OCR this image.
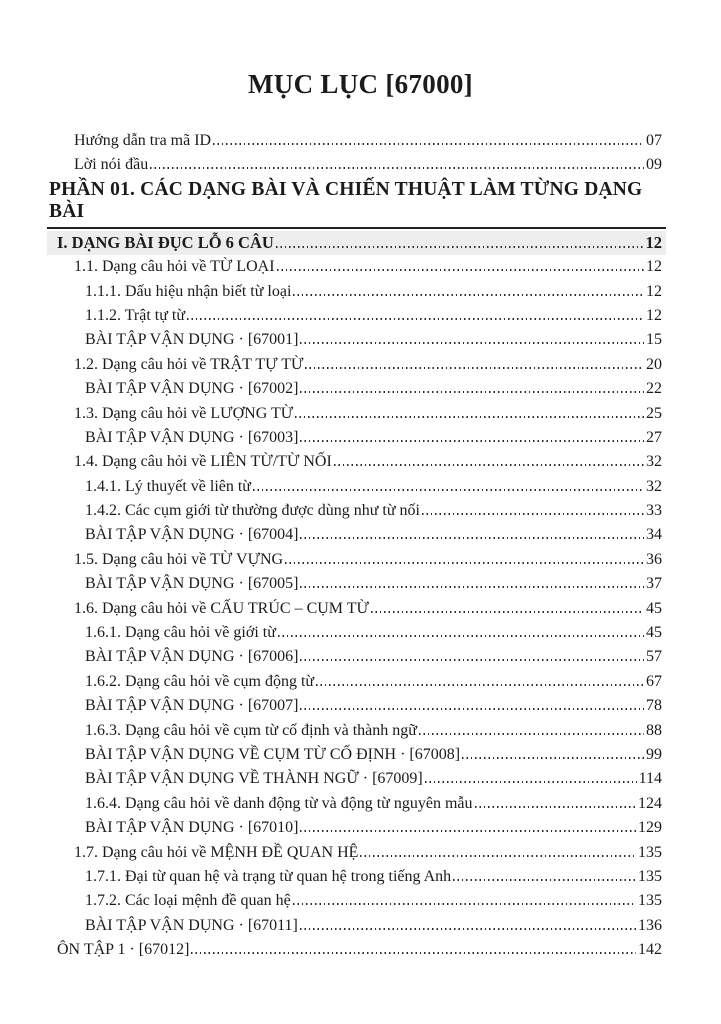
MỤC LỤC [67000]
Hướng dẫn tra mã ID	07
Lời nói đầu	09
PHẦN 01. CÁC DẠNG BÀI VÀ CHIẾN THUẬT LÀM TỪNG DẠNG BÀI
I. DẠNG BÀI ĐỤC LỖ 6 CÂU	12
1.1. Dạng câu hỏi về TỪ LOẠI	12
1.1.1. Dấu hiệu nhận biết từ loại	12
1.1.2. Trật tự từ	12
BÀI TẬP VẬN DỤNG · [67001]	15
1.2. Dạng câu hỏi về TRẬT TỰ TỪ	20
BÀI TẬP VẬN DỤNG · [67002]	22
1.3. Dạng câu hỏi về LƯỢNG TỪ	25
BÀI TẬP VẬN DỤNG · [67003]	27
1.4. Dạng câu hỏi về LIÊN TỪ/TỪ NỐI	32
1.4.1. Lý thuyết về liên từ	32
1.4.2. Các cụm giới từ thường được dùng như từ nối	33
BÀI TẬP VẬN DỤNG · [67004]	34
1.5. Dạng câu hỏi về TỪ VỰNG	36
BÀI TẬP VẬN DỤNG · [67005]	37
1.6. Dạng câu hỏi về CẤU TRÚC – CỤM TỪ	45
1.6.1. Dạng câu hỏi về giới từ	45
BÀI TẬP VẬN DỤNG · [67006]	57
1.6.2. Dạng câu hỏi về cụm động từ	67
BÀI TẬP VẬN DỤNG · [67007]	78
1.6.3. Dạng câu hỏi về cụm từ cố định và thành ngữ	88
BÀI TẬP VẬN DỤNG VỀ CỤM TỪ CỐ ĐỊNH · [67008]	99
BÀI TẬP VẬN DỤNG VỀ THÀNH NGỮ · [67009]	114
1.6.4. Dạng câu hỏi về danh động từ và động từ nguyên mẫu	124
BÀI TẬP VẬN DỤNG · [67010]	129
1.7. Dạng câu hỏi về MỆNH ĐỀ QUAN HỆ	135
1.7.1. Đại từ quan hệ và trạng từ quan hệ trong tiếng Anh	135
1.7.2. Các loại mệnh đề quan hệ	135
BÀI TẬP VẬN DỤNG · [67011]	136
ÔN TẬP 1 · [67012]	142
